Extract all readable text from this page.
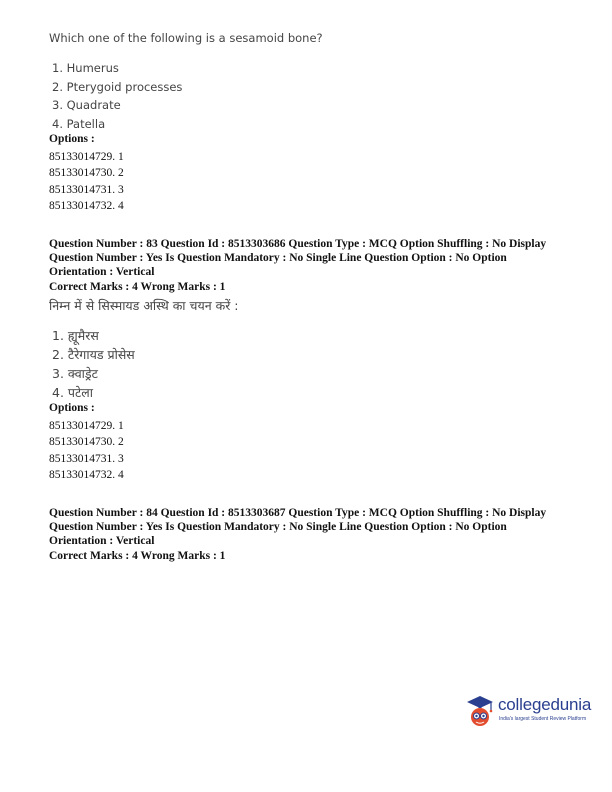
Which one of the following is a sesamoid bone?
1. Humerus
2. Pterygoid processes
3. Quadrate
4. Patella
Options :
85133014729. 1
85133014730. 2
85133014731. 3
85133014732. 4
Question Number : 83 Question Id : 8513303686 Question Type : MCQ Option Shuffling : No Display
Question Number : Yes Is Question Mandatory : No Single Line Question Option : No Option
Orientation : Vertical
Correct Marks : 4 Wrong Marks : 1
निम्न में से सिस्मायड अस्थि का चयन करें :
1. ह्यूमैरस
2. टैरेगायड प्रोसेस
3. क्वाड्रेट
4. पटेला
Options :
85133014729. 1
85133014730. 2
85133014731. 3
85133014732. 4
Question Number : 84 Question Id : 8513303687 Question Type : MCQ Option Shuffling : No Display
Question Number : Yes Is Question Mandatory : No Single Line Question Option : No Option
Orientation : Vertical
Correct Marks : 4 Wrong Marks : 1
collegedunia
India's largest Student Review Platform
